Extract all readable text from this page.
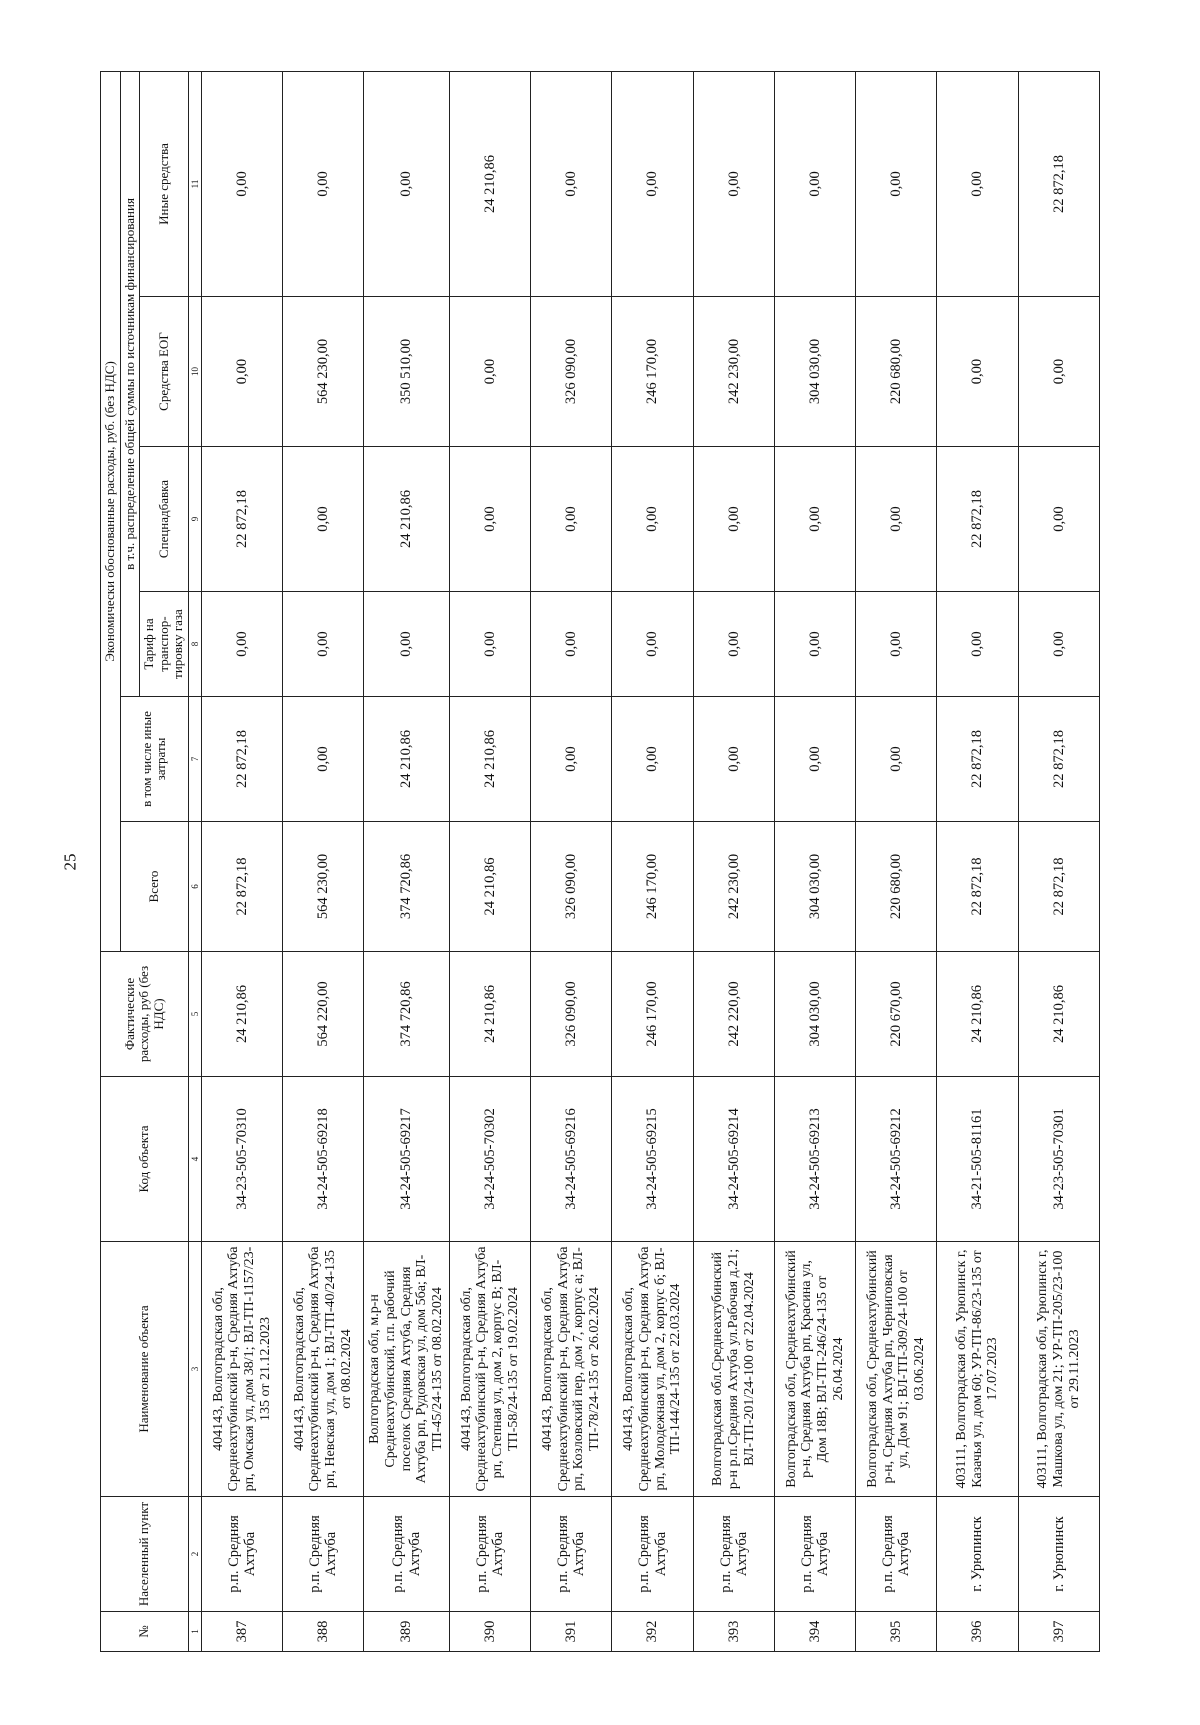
25
№	Населенный пункт	Наименование объекта	Код объекта	Фактические расходы, руб (без НДС)	Экономически обоснованные расходы, руб. (без НДС)					
					Всего	в том числе иные затраты	в т.ч. распределение общей суммы по источникам финансирования			
							Тариф на транспор-тировку газа	Спецнадбавка	Средства ЕОГ	Иные средства
1	2	3	4	5	6	7	8	9	10	11
387	р.п. Средняя Ахтуба	404143, Волгоградская обл, Среднеахтубинский р-н, Средняя Ахтуба рп, Омская ул, дом 38/1; ВЛ-ТП-1157/23-135 от 21.12.2023	34-23-505-70310	24 210,86	22 872,18	22 872,18	0,00	22 872,18	0,00	0,00
388	р.п. Средняя Ахтуба	404143, Волгоградская обл, Среднеахтубинский р-н, Средняя Ахтуба рп, Невская ул, дом 1; ВЛ-ТП-40/24-135 от 08.02.2024	34-24-505-69218	564 220,00	564 230,00	0,00	0,00	0,00	564 230,00	0,00
389	р.п. Средняя Ахтуба	Волгоградская обл, м.р-н Среднеахтубинский, г.п. рабочий поселок Средняя Ахтуба, Средняя Ахтуба рп, Рудовская ул, дом 5ба; ВЛ-ТП-45/24-135 от 08.02.2024	34-24-505-69217	374 720,86	374 720,86	24 210,86	0,00	24 210,86	350 510,00	0,00
390	р.п. Средняя Ахтуба	404143, Волгоградская обл, Среднеахтубинский р-н, Средняя Ахтуба рп, Степная ул, дом 2, корпус В; ВЛ-ТП-58/24-135 от 19.02.2024	34-24-505-70302	24 210,86	24 210,86	24 210,86	0,00	0,00	0,00	24 210,86
391	р.п. Средняя Ахтуба	404143, Волгоградская обл, Среднеахтубинский р-н, Средняя Ахтуба рп, Козловский пер, дом 7, корпус а; ВЛ-ТП-78/24-135 от 26.02.2024	34-24-505-69216	326 090,00	326 090,00	0,00	0,00	0,00	326 090,00	0,00
392	р.п. Средняя Ахтуба	404143, Волгоградская обл, Среднеахтубинский р-н, Средняя Ахтуба рп, Молодежная ул, дом 2, корпус б; ВЛ-ТП-144/24-135 от 22.03.2024	34-24-505-69215	246 170,00	246 170,00	0,00	0,00	0,00	246 170,00	0,00
393	р.п. Средняя Ахтуба	Волгоградская обл.Среднеахтубинский р-н р.п.Средняя Ахтуба ул.Рабочая д.21; ВЛ-ТП-201/24-100 от 22.04.2024	34-24-505-69214	242 220,00	242 230,00	0,00	0,00	0,00	242 230,00	0,00
394	р.п. Средняя Ахтуба	Волгоградская обл, Среднеахтубинский р-н, Средняя Ахтуба рп, Красина ул, Дом 18В; ВЛ-ТП-246/24-135 от 26.04.2024	34-24-505-69213	304 030,00	304 030,00	0,00	0,00	0,00	304 030,00	0,00
395	р.п. Средняя Ахтуба	Волгоградская обл, Среднеахтубинский р-н, Средняя Ахтуба рп, Черниговская ул, Дом 91; ВЛ-ТП-309/24-100 от 03.06.2024	34-24-505-69212	220 670,00	220 680,00	0,00	0,00	0,00	220 680,00	0,00
396	г. Урюпинск	403111, Волгоградская обл, Урюпинск г, Казачья ул, дом 60; УР-ТП-86/23-135 от 17.07.2023	34-21-505-81161	24 210,86	22 872,18	22 872,18	0,00	22 872,18	0,00	0,00
397	г. Урюпинск	403111, Волгоградская обл, Урюпинск г, Машкова ул, дом 21; УР-ТП-205/23-100 от 29.11.2023	34-23-505-70301	24 210,86	22 872,18	22 872,18	0,00	0,00	0,00	22 872,18
